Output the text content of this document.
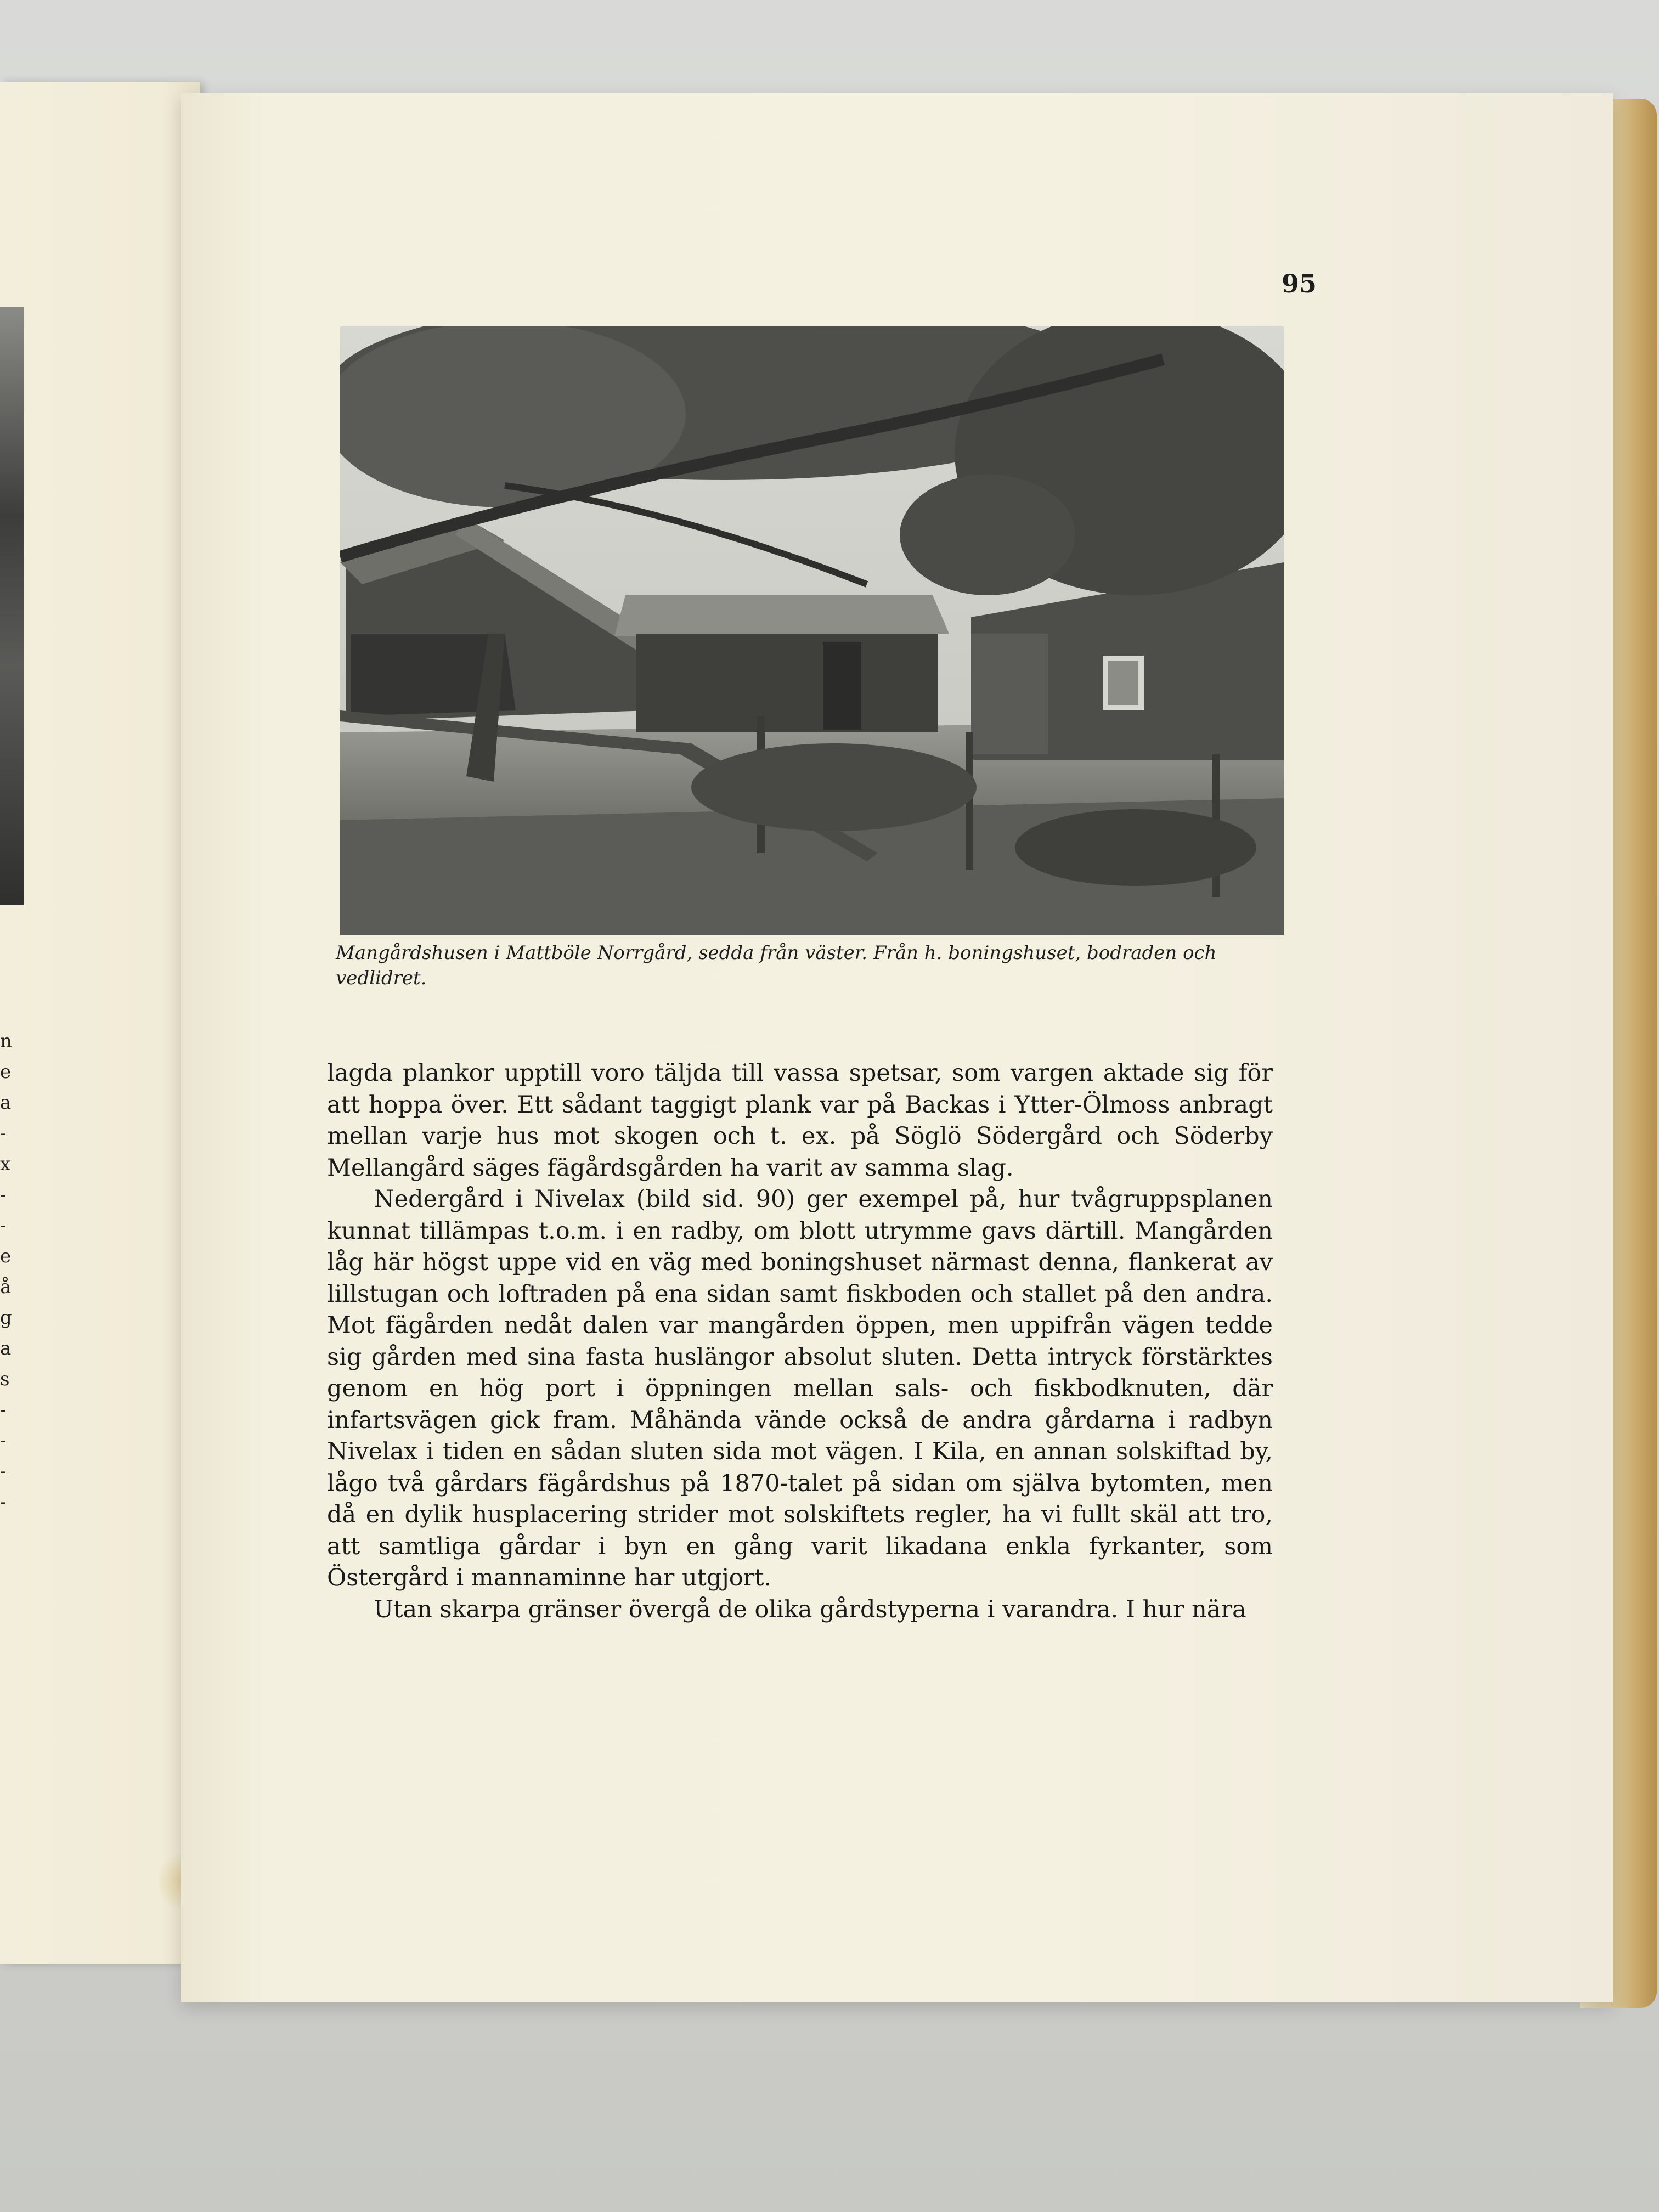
n
e
a
-
x
-
-
e
å
g
a
s
-
-
-
-
95
Mangårdshusen i Mattböle Norrgård, sedda från väster. Från h. boningshuset, bodraden och vedlidret.

lagda plankor upptill voro täljda till vassa spetsar, som vargen aktade sig för att hoppa över. Ett sådant taggigt plank var på Backas i Ytter-Ölmoss anbragt mellan varje hus mot skogen och t. ex. på Söglö Södergård och Söderby Mellangård säges fägårdsgården ha varit av samma slag.

Nedergård i Nivelax (bild sid. 90) ger exempel på, hur tvågruppsplanen kunnat tillämpas t.o.m. i en radby, om blott utrymme gavs därtill. Mangården låg här högst uppe vid en väg med boningshuset närmast denna, flankerat av lillstugan och loftraden på ena sidan samt fiskboden och stallet på den andra. Mot fägården nedåt dalen var mangården öppen, men uppifrån vägen tedde sig gården med sina fasta huslängor absolut sluten. Detta intryck förstärktes genom en hög port i öppningen mellan sals- och fiskbodknuten, där infartsvägen gick fram. Måhända vände också de andra gårdarna i radbyn Nivelax i tiden en sådan sluten sida mot vägen. I Kila, en annan solskiftad by, lågo två gårdars fägårdshus på 1870-talet på sidan om själva bytomten, men då en dylik husplacering strider mot solskiftets regler, ha vi fullt skäl att tro, att samtliga gårdar i byn en gång varit likadana enkla fyrkanter, som Östergård i mannaminne har utgjort.

Utan skarpa gränser övergå de olika gårdstyperna i varandra. I hur nära
